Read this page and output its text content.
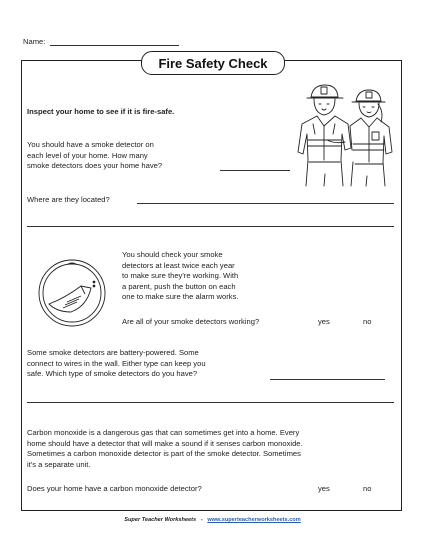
Name:
Fire Safety Check
Inspect your home to see if it is fire-safe.
You should have a smoke detector on
each level of your home. How many
smoke detectors does your home have?
Where are they located?
You should check your smoke
detectors at least twice each year
to make sure they're working. With
a parent, push the button on each
one to make sure the alarm works.
Are all of your smoke detectors working?	yes	no
Some smoke detectors are battery-powered. Some
connect to wires in the wall. Either type can keep you
safe. Which type of smoke detectors do you have?
Carbon monoxide is a dangerous gas that can sometimes get into a home. Every
home should have a detector that will make a sound if it senses carbon monoxide.
Sometimes a carbon monoxide detector is part of the smoke detector. Sometimes
it's a separate unit.
Does your home have a carbon monoxide detector?	yes	no
Super Teacher Worksheets - www.superteacherworksheets.com
